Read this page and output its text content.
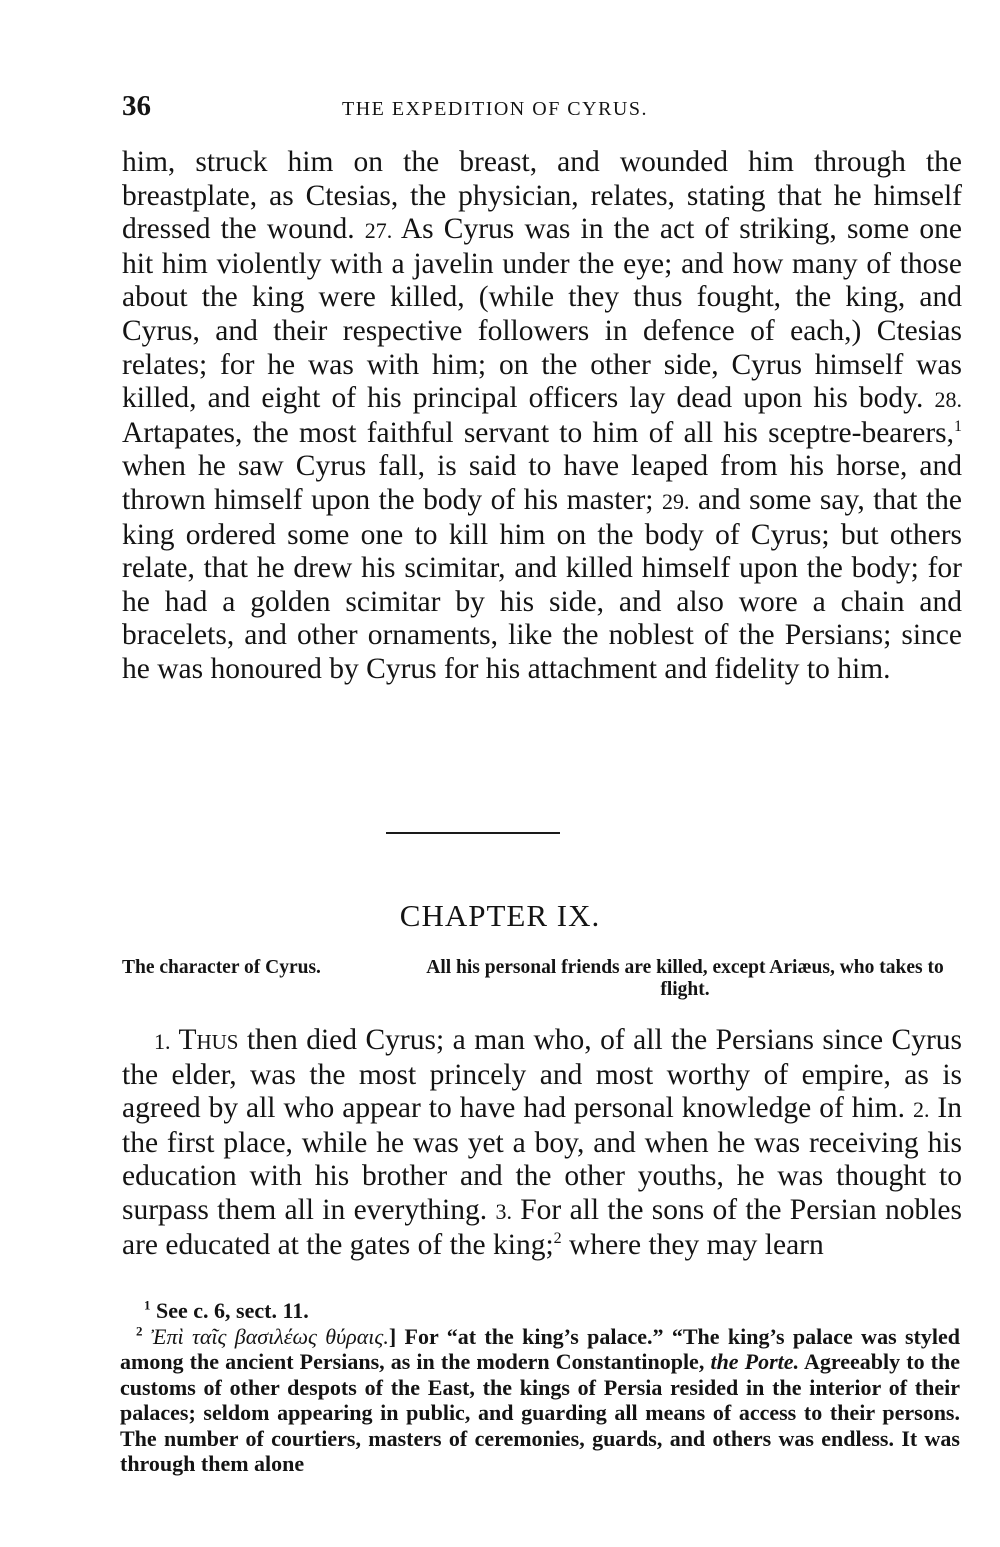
36	THE EXPEDITION OF CYRUS.

him, struck him on the breast, and wounded him through the breastplate, as Ctesias, the physician, relates, stating that he himself dressed the wound. 27. As Cyrus was in the act of striking, some one hit him violently with a javelin under the eye; and how many of those about the king were killed, (while they thus fought, the king, and Cyrus, and their respective followers in defence of each,) Ctesias relates; for he was with him; on the other side, Cyrus himself was killed, and eight of his principal officers lay dead upon his body. 28. Artapates, the most faithful servant to him of all his sceptre-bearers,$^1$ when he saw Cyrus fall, is said to have leaped from his horse, and thrown himself upon the body of his master; 29. and some say, that the king ordered some one to kill him on the body of Cyrus; but others relate, that he drew his scimitar, and killed himself upon the body; for he had a golden scimitar by his side, and also wore a chain and bracelets, and other ornaments, like the noblest of the Persians; since he was honoured by Cyrus for his attachment and fidelity to him.

CHAPTER IX.
The character of Cyrus.	All his personal friends are killed, except Ariæus, who takes to flight.

1. Thus then died Cyrus; a man who, of all the Persians since Cyrus the elder, was the most princely and most worthy of empire, as is agreed by all who appear to have had personal knowledge of him. 2. In the first place, while he was yet a boy, and when he was receiving his education with his brother and the other youths, he was thought to surpass them all in everything. 3. For all the sons of the Persian nobles are educated at the gates of the king;$^2$ where they may learn

$^1$ See c. 6, sect. 11.

$^2$ Ἐπὶ ταῖς βασιλέως θύραις.] For “at the king’s palace.” “The king’s palace was styled among the ancient Persians, as in the modern Constantinople, the Porte. Agreeably to the customs of other despots of the East, the kings of Persia resided in the interior of their palaces; seldom appearing in public, and guarding all means of access to their persons. The number of courtiers, masters of ceremonies, guards, and others was endless. It was through them alone
